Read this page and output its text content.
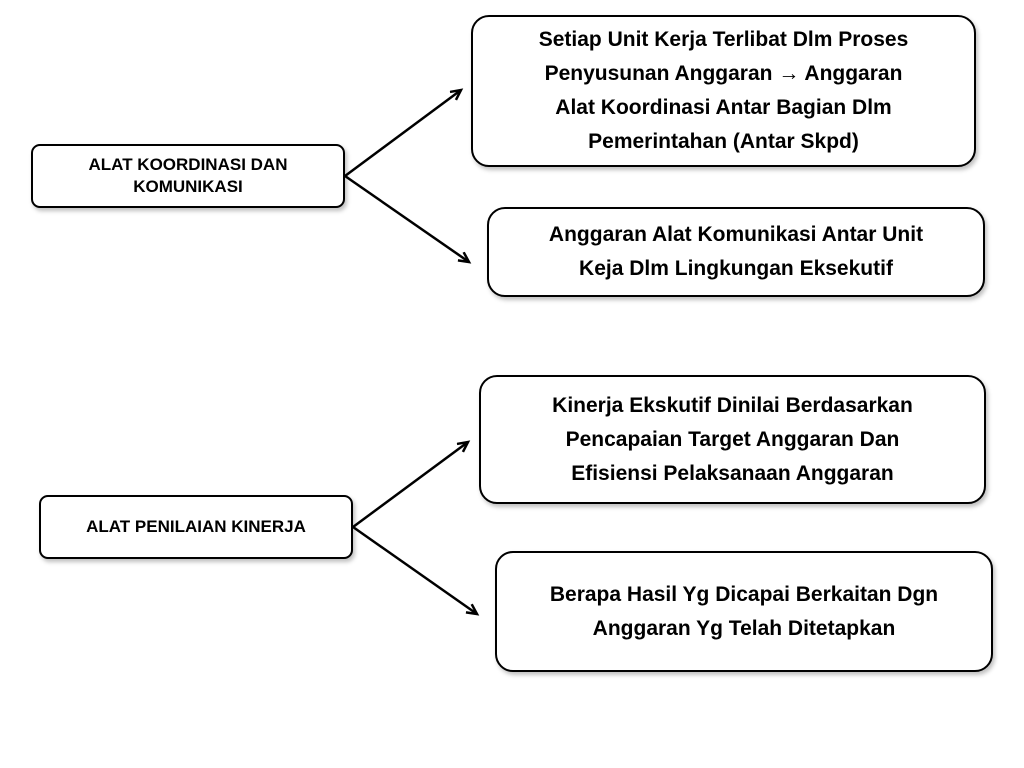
ALAT KOORDINASI DAN
KOMUNIKASI
Setiap Unit Kerja Terlibat Dlm Proses
Penyusunan Anggaran → Anggaran
Alat Koordinasi Antar Bagian Dlm
Pemerintahan (Antar Skpd)
Anggaran Alat Komunikasi Antar Unit
Keja Dlm Lingkungan Eksekutif
ALAT PENILAIAN KINERJA
Kinerja Ekskutif Dinilai Berdasarkan
Pencapaian Target Anggaran Dan
Efisiensi Pelaksanaan Anggaran
Berapa Hasil Yg Dicapai Berkaitan Dgn
Anggaran Yg Telah Ditetapkan
